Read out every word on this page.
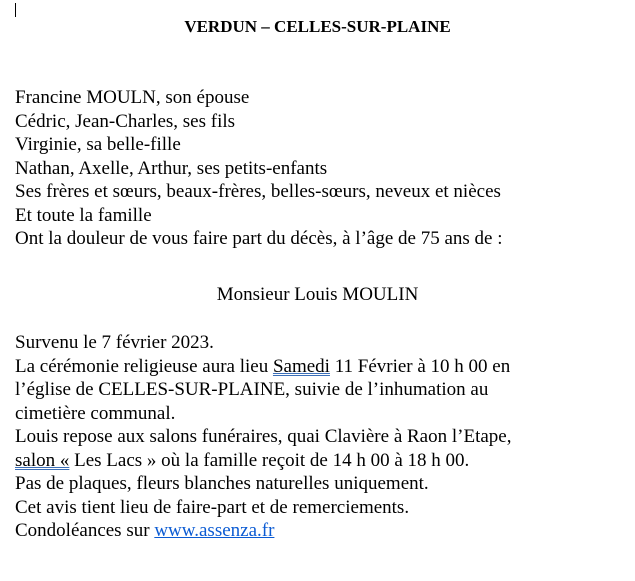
VERDUN – CELLES-SUR-PLAINE

Francine MOULN, son épouse

Cédric, Jean-Charles, ses fils

Virginie, sa belle-fille

Nathan, Axelle, Arthur, ses petits-enfants

Ses frères et sœurs, beaux-frères, belles-sœurs, neveux et nièces

Et toute la famille

Ont la douleur de vous faire part du décès, à l’âge de 75 ans de :

Monsieur Louis MOULIN

Survenu le 7 février 2023.

La cérémonie religieuse aura lieu Samedi 11 Février à 10 h 00 en

l’église de CELLES-SUR-PLAINE, suivie de l’inhumation au

cimetière communal.

Louis repose aux salons funéraires, quai Clavière à Raon l’Etape,

salon « Les Lacs » où la famille reçoit de 14 h 00 à 18 h 00.

Pas de plaques, fleurs blanches naturelles uniquement.

Cet avis tient lieu de faire-part et de remerciements.

Condoléances sur www.assenza.fr
